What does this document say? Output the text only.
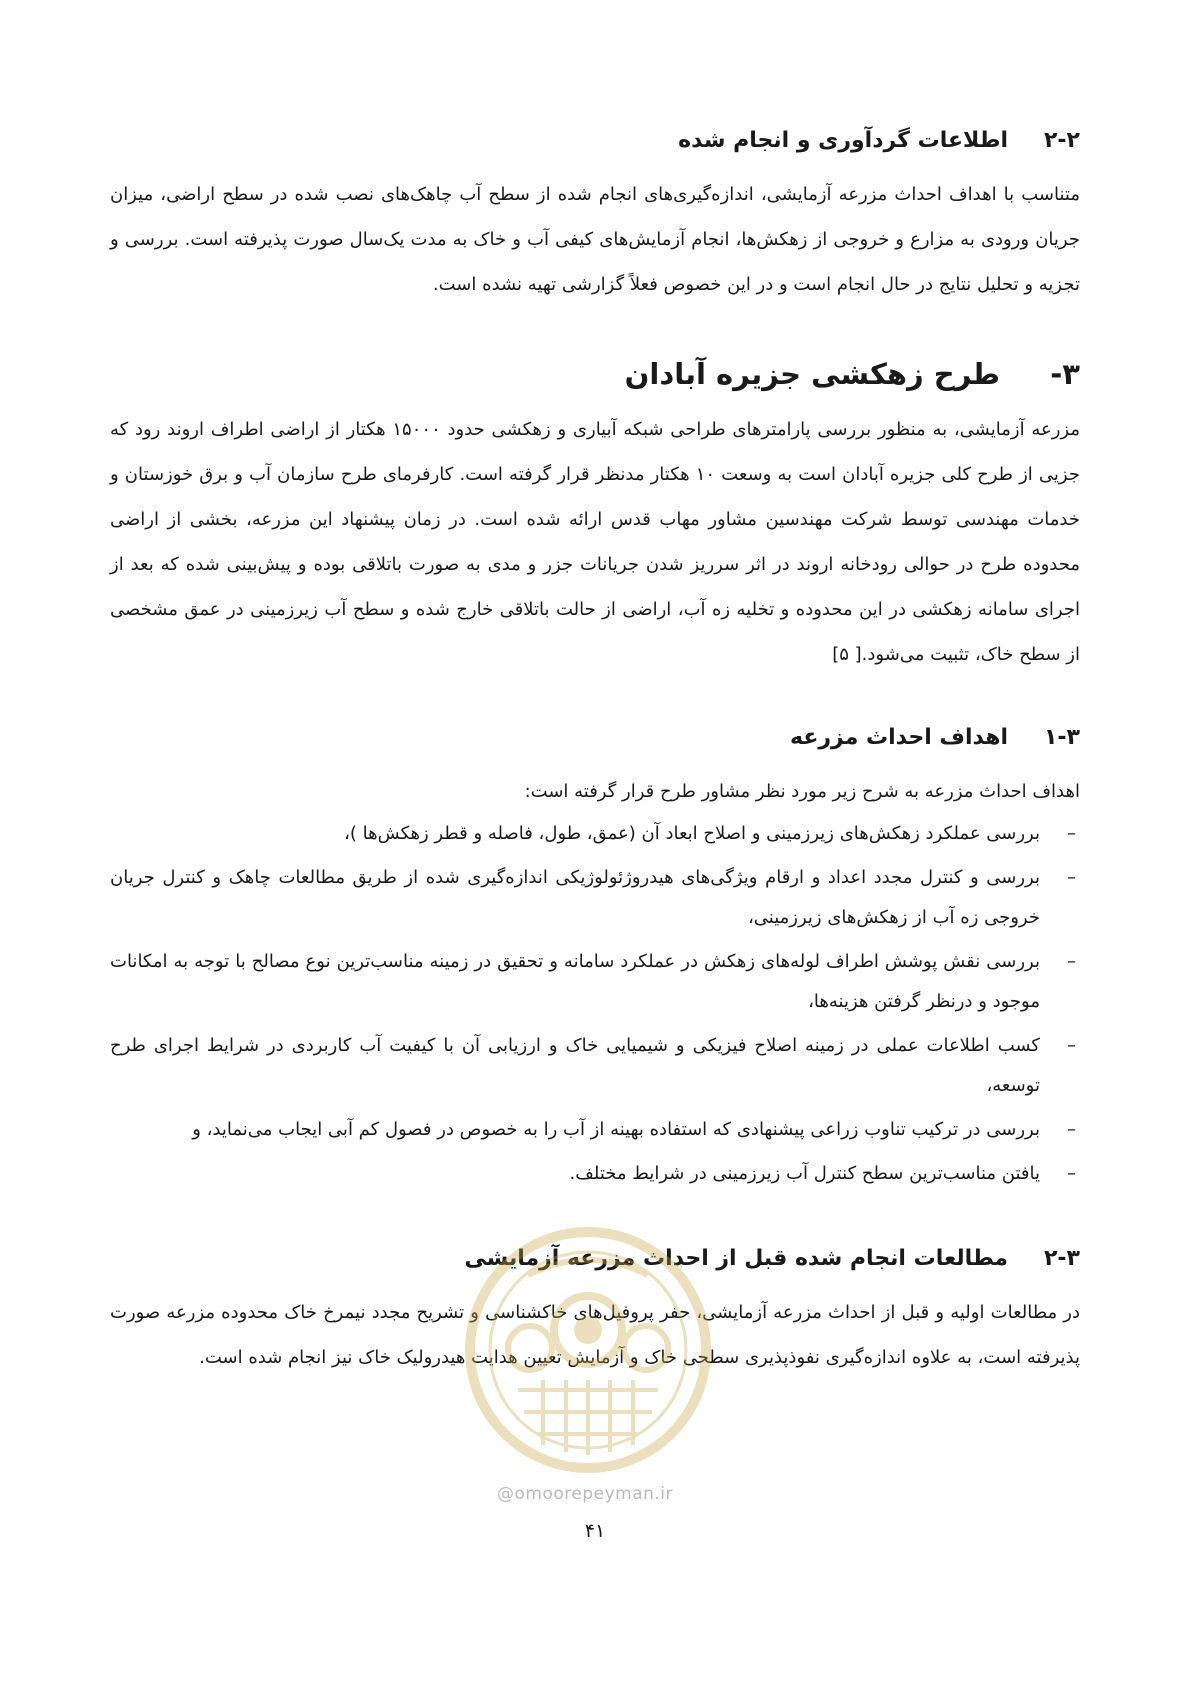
۲-۲
اطلاعات گردآوری و انجام شده

متناسب با اهداف احداث مزرعه آزمایشی، اندازه‌گیری‌های انجام شده از سطح آب چاهک‌های نصب شده در سطح اراضی، میزان جریان ورودی به مزارع و خروجی از زهکش‌ها، انجام آزمایش‌های کیفی آب و خاک به مدت یک‌سال صورت پذیرفته است. بررسی و تجزیه و تحلیل نتایج در حال انجام است و در این خصوص فعلاً گزارشی تهیه نشده است.

۳-
طرح زهکشی جزیره آبادان

مزرعه آزمایشی، به منظور بررسی پارامترهای طراحی شبکه آبیاری و زهکشی حدود ۱۵۰۰۰ هکتار از اراضی اطراف اروند رود که جزیی از طرح کلی جزیره آبادان است به وسعت ۱۰ هکتار مدنظر قرار گرفته است. کارفرمای طرح سازمان آب و برق خوزستان و خدمات مهندسی توسط شرکت مهندسین مشاور مهاب قدس ارائه شده است. در زمان پیشنهاد این مزرعه، بخشی از اراضی محدوده طرح در حوالی رودخانه اروند در اثر سرریز شدن جریانات جزر و مدی به صورت باتلاقی بوده و پیش‌بینی شده که بعد از اجرای سامانه زهکشی در این محدوده و تخلیه زه آب، اراضی از حالت باتلاقی خارج شده و سطح آب زیرزمینی در عمق مشخصی از سطح خاک، تثبیت می‌شود.[ ۵]

۱-۳
اهداف احداث مزرعه

اهداف احداث مزرعه به شرح زیر مورد نظر مشاور طرح قرار گرفته است:

–
بررسی عملکرد زهکش‌های زیرزمینی و اصلاح ابعاد آن (عمق، طول، فاصله و قطر زهکش‌ها )،
–
بررسی و کنترل مجدد اعداد و ارقام ویژگی‌های هیدروژئولوژیکی اندازه‌گیری شده از طریق مطالعات چاهک و کنترل جریان خروجی زه آب از زهکش‌های زیرزمینی،
–
بررسی نقش پوشش اطراف لوله‌های زهکش در عملکرد سامانه و تحقیق در زمینه مناسب‌ترین نوع مصالح با توجه به امکانات موجود و درنظر گرفتن هزینه‌ها،
–
کسب اطلاعات عملی در زمینه اصلاح فیزیکی و شیمیایی خاک و ارزیابی آن با کیفیت آب کاربردی در شرایط اجرای طرح توسعه،
–
بررسی در ترکیب تناوب زراعی پیشنهادی که استفاده بهینه از آب را به خصوص در فصول کم آبی ایجاب می‌نماید، و
–
یافتن مناسب‌ترین سطح کنترل آب زیرزمینی در شرایط مختلف.
۲-۳
مطالعات انجام شده قبل از احداث مزرعه آزمایشی

در مطالعات اولیه و قبل از احداث مزرعه آزمایشی، حفر پروفیل‌های خاکشناسی و تشریح مجدد نیمرخ خاک محدوده مزرعه صورت پذیرفته است، به علاوه اندازه‌گیری نفوذپذیری سطحی خاک و آزمایش تعیین هدایت هیدرولیک خاک نیز انجام شده است.

@omoorepeyman.ir
۴۱
